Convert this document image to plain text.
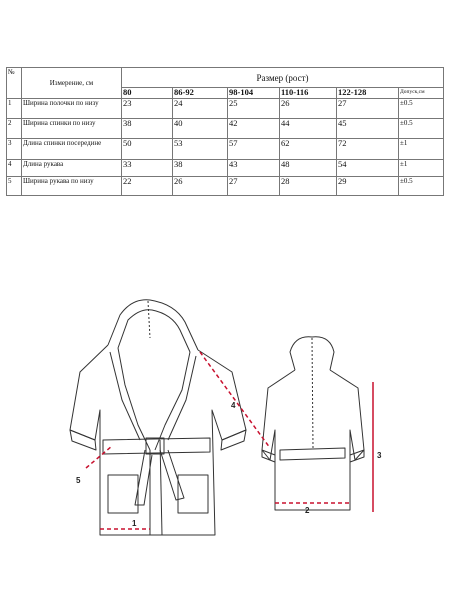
№	Измерение, см	Размер (рост)					
		80	86-92	98-104	110-116	122-128	Допуск,см
1	Ширина полочки по низу	23	24	25	26	27	±0.5
2	Ширина спинки по низу	38	40	42	44	45	±0.5
3	Длина спинки посередине	50	53	57	62	72	±1
4	Длина рукава	33	38	43	48	54	±1
5	Ширина рукава по низу	22	26	27	28	29	±0.5
1
2
3
4
5
